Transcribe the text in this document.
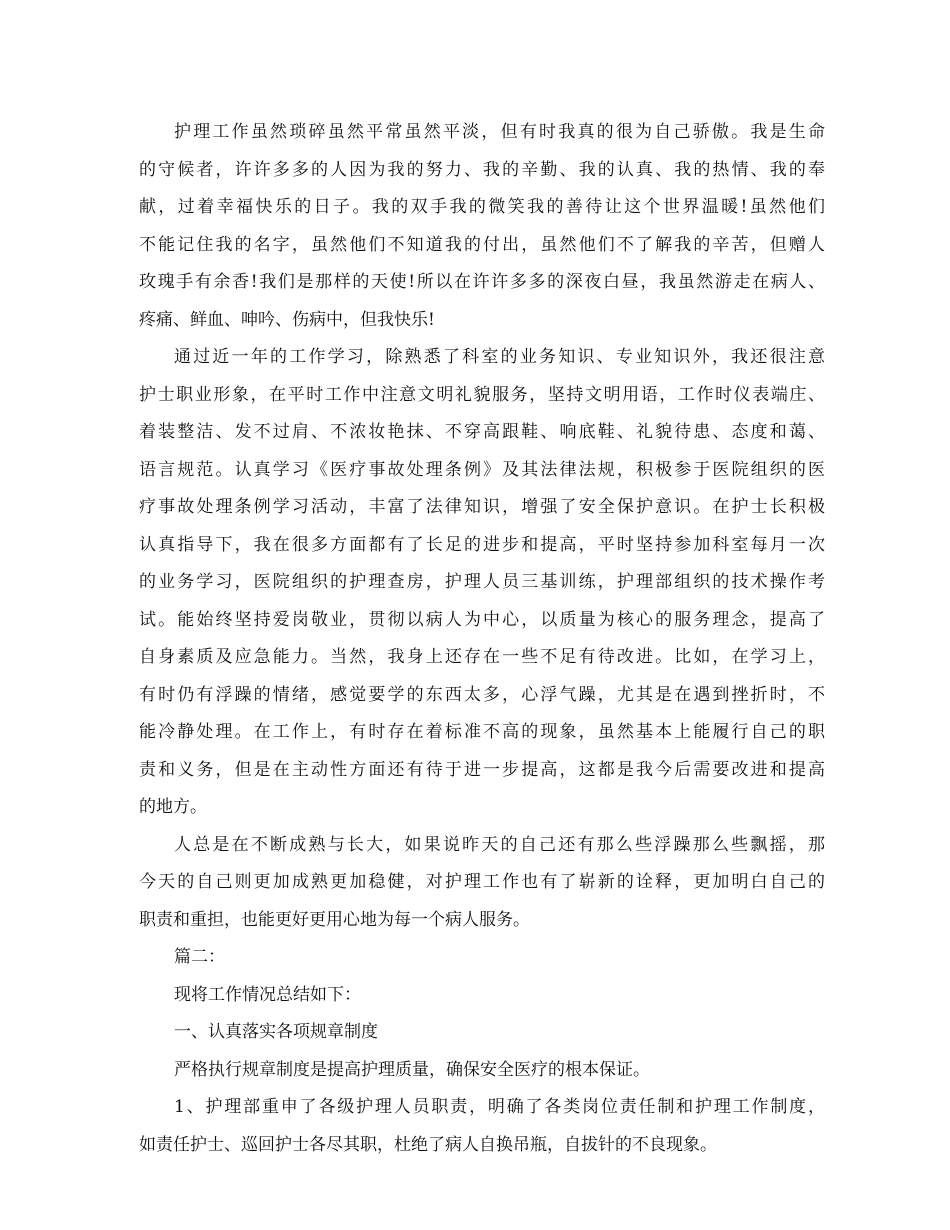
护理工作虽然琐碎虽然平常虽然平淡，但有时我真的很为自己骄傲。我是生命
的守候者，许许多多的人因为我的努力、我的辛勤、我的认真、我的热情、我的奉
献，过着幸福快乐的日子。我的双手我的微笑我的善待让这个世界温暖!虽然他们
不能记住我的名字，虽然他们不知道我的付出，虽然他们不了解我的辛苦，但赠人
玫瑰手有余香!我们是那样的天使!所以在许许多多的深夜白昼，我虽然游走在病人、
疼痛、鲜血、呻吟、伤病中，但我快乐!
通过近一年的工作学习，除熟悉了科室的业务知识、专业知识外，我还很注意
护士职业形象，在平时工作中注意文明礼貌服务，坚持文明用语，工作时仪表端庄、
着装整洁、发不过肩、不浓妆艳抹、不穿高跟鞋、响底鞋、礼貌待患、态度和蔼、
语言规范。认真学习《医疗事故处理条例》及其法律法规，积极参于医院组织的医
疗事故处理条例学习活动，丰富了法律知识，增强了安全保护意识。在护士长积极
认真指导下，我在很多方面都有了长足的进步和提高，平时坚持参加科室每月一次
的业务学习，医院组织的护理查房，护理人员三基训练，护理部组织的技术操作考
试。能始终坚持爱岗敬业，贯彻以病人为中心，以质量为核心的服务理念，提高了
自身素质及应急能力。当然，我身上还存在一些不足有待改进。比如，在学习上，
有时仍有浮躁的情绪，感觉要学的东西太多，心浮气躁，尤其是在遇到挫折时，不
能冷静处理。在工作上，有时存在着标准不高的现象，虽然基本上能履行自己的职
责和义务，但是在主动性方面还有待于进一步提高，这都是我今后需要改进和提高
的地方。
人总是在不断成熟与长大，如果说昨天的自己还有那么些浮躁那么些飘摇，那
今天的自己则更加成熟更加稳健，对护理工作也有了崭新的诠释，更加明白自己的
职责和重担，也能更好更用心地为每一个病人服务。
篇二：
现将工作情况总结如下：
一、认真落实各项规章制度
严格执行规章制度是提高护理质量，确保安全医疗的根本保证。
1、护理部重申了各级护理人员职责，明确了各类岗位责任制和护理工作制度，
如责任护士、巡回护士各尽其职，杜绝了病人自换吊瓶，自拔针的不良现象。
